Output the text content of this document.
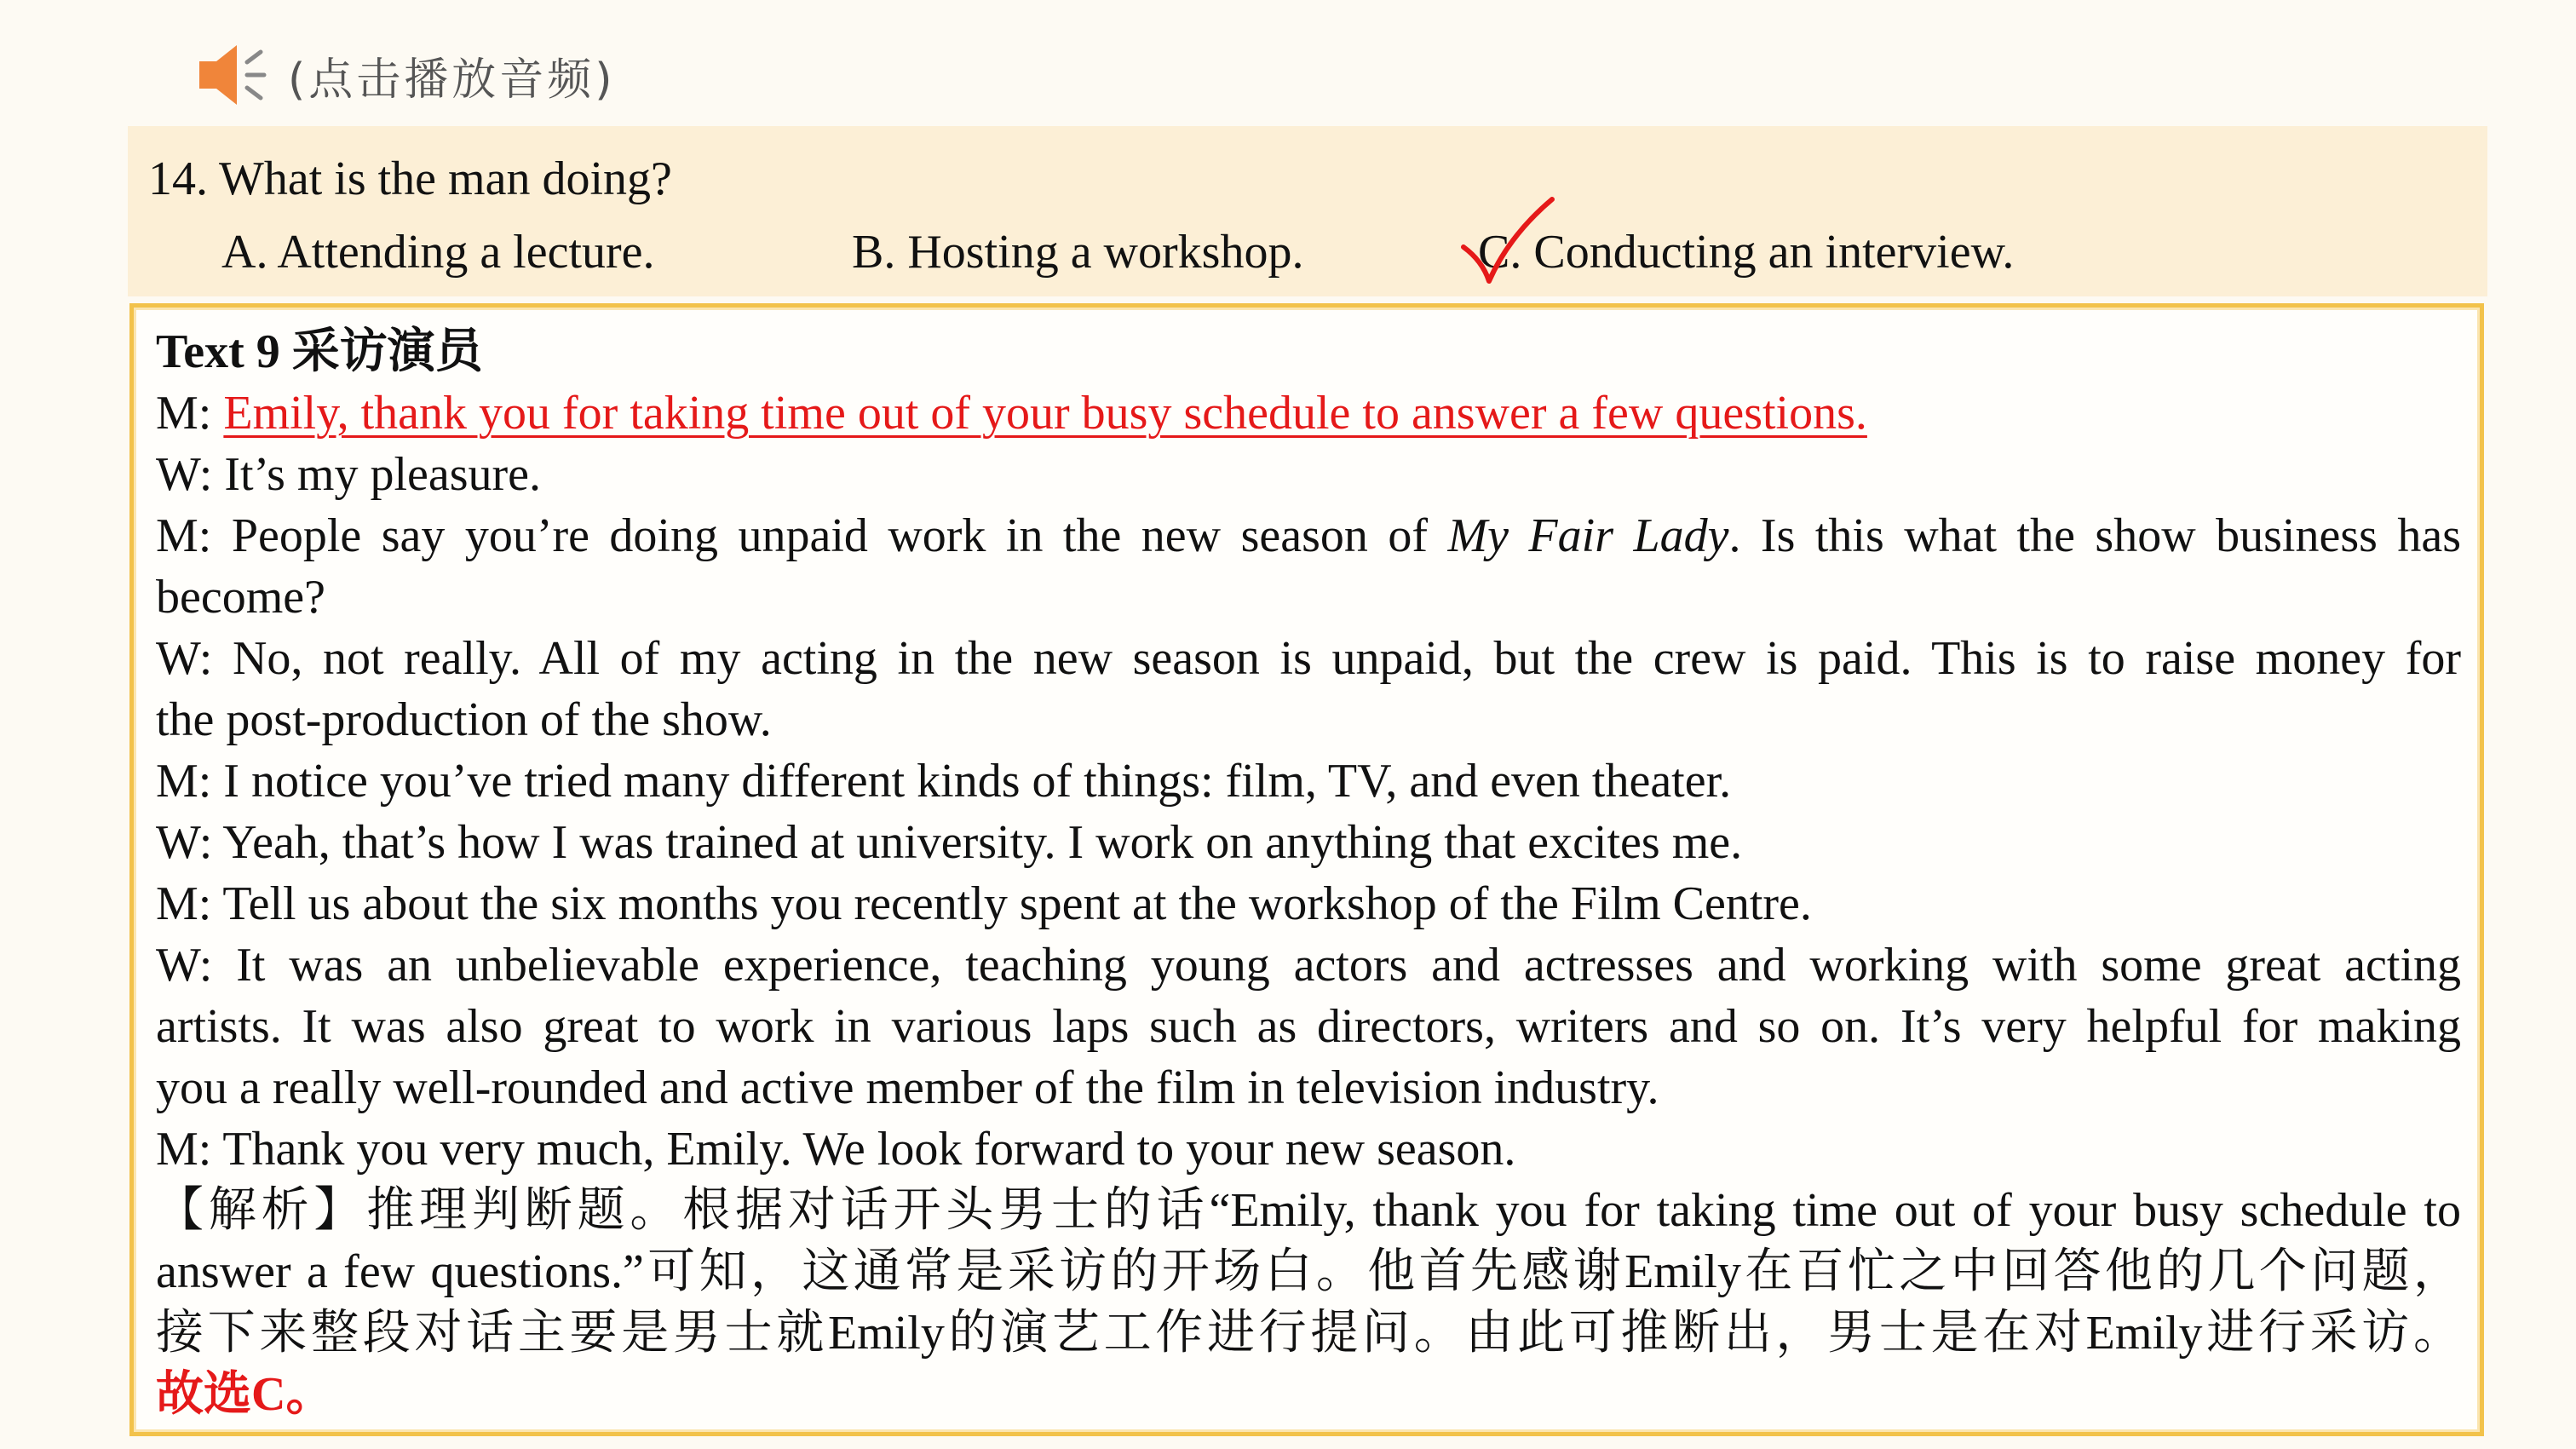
(点击播放音频)
14. What is the man doing?
A. Attending a lecture.	B. Hosting a workshop.	C. Conducting an interview.
Text 9 采访演员
M: Emily, thank you for taking time out of your busy schedule to answer a few questions.
W: It’s my pleasure.
M: People say you’re doing unpaid work in the new season of My Fair Lady. Is this what the show business has
become?
W: No, not really. All of my acting in the new season is unpaid, but the crew is paid. This is to raise money for
the post-production of the show.
M: I notice you’ve tried many different kinds of things: film, TV, and even theater.
W: Yeah, that’s how I was trained at university. I work on anything that excites me.
M: Tell us about the six months you recently spent at the workshop of the Film Centre.
W: It was an unbelievable experience, teaching young actors and actresses and working with some great acting
artists. It was also great to work in various laps such as directors, writers and so on. It’s very helpful for making
you a really well-rounded and active member of the film in television industry.
M: Thank you very much, Emily. We look forward to your new season.
【解析】推理判断题。根据对话开头男士的话“Emily, thank you for taking time out of your busy schedule to
answer a few questions.”可知，这通常是采访的开场白。他首先感谢Emily在百忙之中回答他的几个问题，
接下来整段对话主要是男士就Emily的演艺工作进行提问。由此可推断出，男士是在对Emily进行采访。
故选C。
